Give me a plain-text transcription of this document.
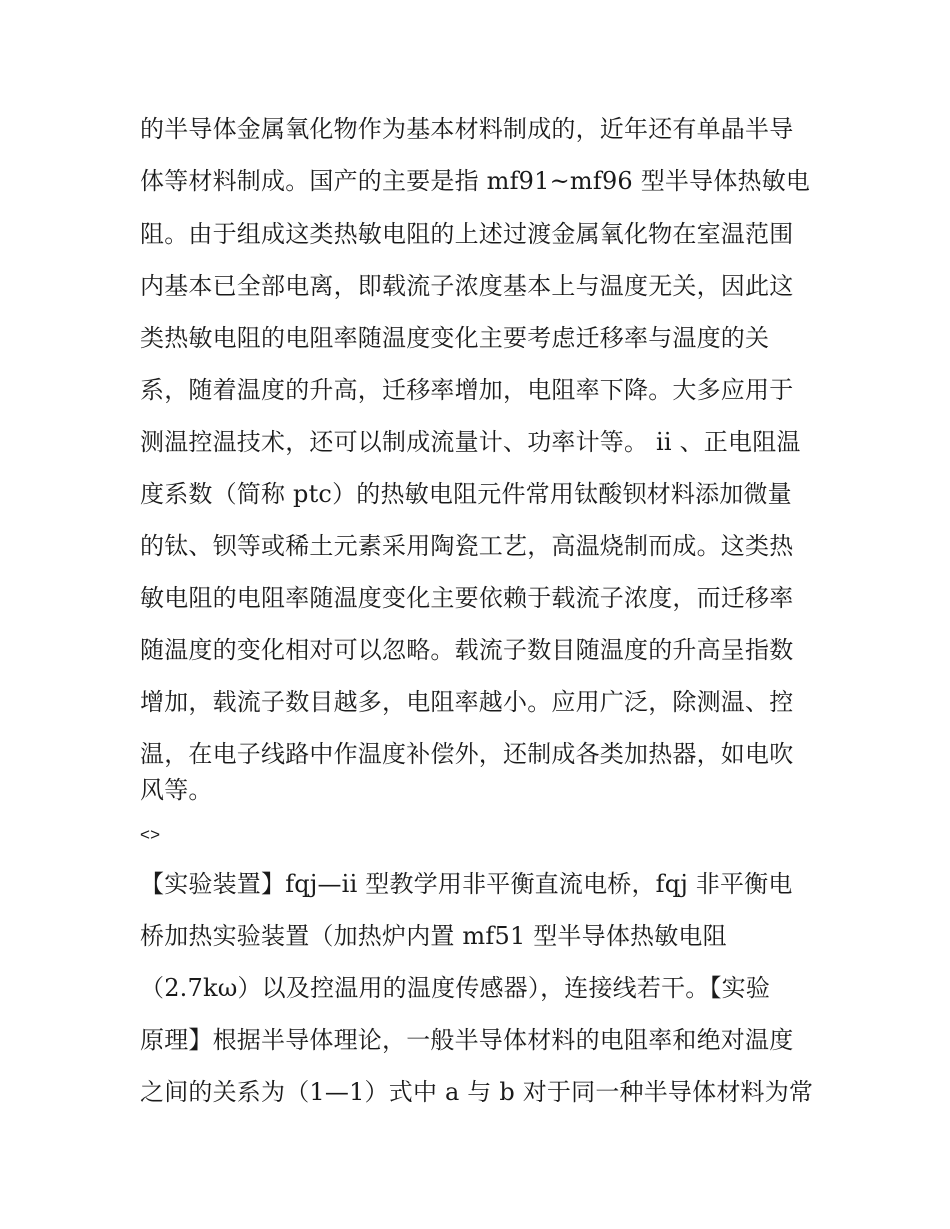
的半导体金属氧化物作为基本材料制成的，近年还有单晶半导
体等材料制成。国产的主要是指 mf91~mf96 型半导体热敏电
阻。由于组成这类热敏电阻的上述过渡金属氧化物在室温范围
内基本已全部电离，即载流子浓度基本上与温度无关，因此这
类热敏电阻的电阻率随温度变化主要考虑迁移率与温度的关
系，随着温度的升高，迁移率增加，电阻率下降。大多应用于
测温控温技术，还可以制成流量计、功率计等。 ii 、正电阻温
度系数（简称 ptc）的热敏电阻元件常用钛酸钡材料添加微量
的钛、钡等或稀土元素采用陶瓷工艺，高温烧制而成。这类热
敏电阻的电阻率随温度变化主要依赖于载流子浓度，而迁移率
随温度的变化相对可以忽略。载流子数目随温度的升高呈指数
增加，载流子数目越多，电阻率越小。应用广泛，除测温、控
温，在电子线路中作温度补偿外，还制成各类加热器，如电吹
风等。
<>
【实验装置】fqj—ii 型教学用非平衡直流电桥，fqj 非平衡电
桥加热实验装置（加热炉内置 mf51 型半导体热敏电阻
（2.7kω）以及控温用的温度传感器），连接线若干。【实验
原理】根据半导体理论，一般半导体材料的电阻率和绝对温度
之间的关系为（1—1）式中 a 与 b 对于同一种半导体材料为常
